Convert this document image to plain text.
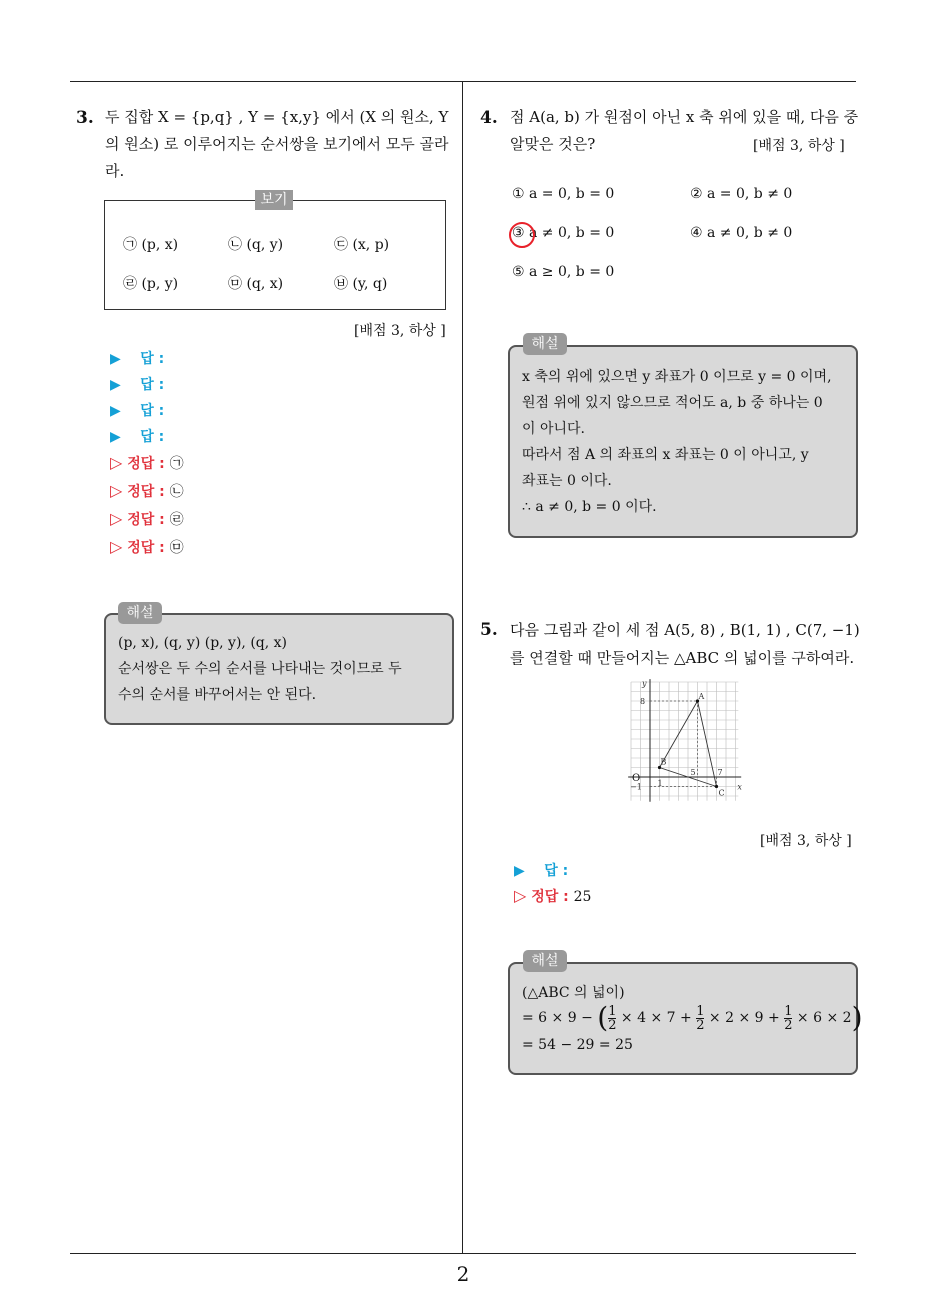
2
3. 두 집합 X = {p,q} , Y = {x,y} 에서 (X 의 원소, Y
의 원소) 로 이루어지는 순서쌍을 보기에서 모두 골라
라.
보기
㉠ (p, x)	㉡ (q, y)	㉢ (x, p)
㉣ (p, y)	㉤ (q, x)	㉥ (y, q)
[배점 3, 하상 ]
▶ 답 :
▶ 답 :
▶ 답 :
▶ 답 :
▷ 정답 : ㉠
▷ 정답 : ㉡
▷ 정답 : ㉣
▷ 정답 : ㉤
해설
(p, x), (q, y) (p, y), (q, x)
순서쌍은 두 수의 순서를 나타내는 것이므로 두
수의 순서를 바꾸어서는 안 된다.
4. 점 A(a, b) 가 원점이 아닌 x 축 위에 있을 때, 다음 중
알맞은 것은?	[배점 3, 하상 ]
① a = 0, b = 0	② a = 0, b ≠ 0
③ a ≠ 0, b = 0	④ a ≠ 0, b ≠ 0
⑤ a ≥ 0, b = 0
해설
x 축의 위에 있으면 y 좌표가 0 이므로 y = 0 이며,
원점 위에 있지 않으므로 적어도 a, b 중 하나는 0
이 아니다.
따라서 점 A 의 좌표의 x 좌표는 0 이 아니고, y
좌표는 0 이다.
∴ a ≠ 0, b = 0 이다.
5. 다음 그림과 같이 세 점 A(5, 8) , B(1, 1) , C(7, −1)
를 연결할 때 만들어지는 △ABC 의 넓이를 구하여라.
8
1
5	7
−1
O
x
y
A
B
C
[배점 3, 하상 ]
▶ 답 :
▷ 정답 : 25
해설
(△ABC 의 넓이)
= 6 × 9 − (1

2 × 4 × 7 + 1

2 × 2 × 9 + 1

2 × 6 × 2)
= 54 − 29 = 25
